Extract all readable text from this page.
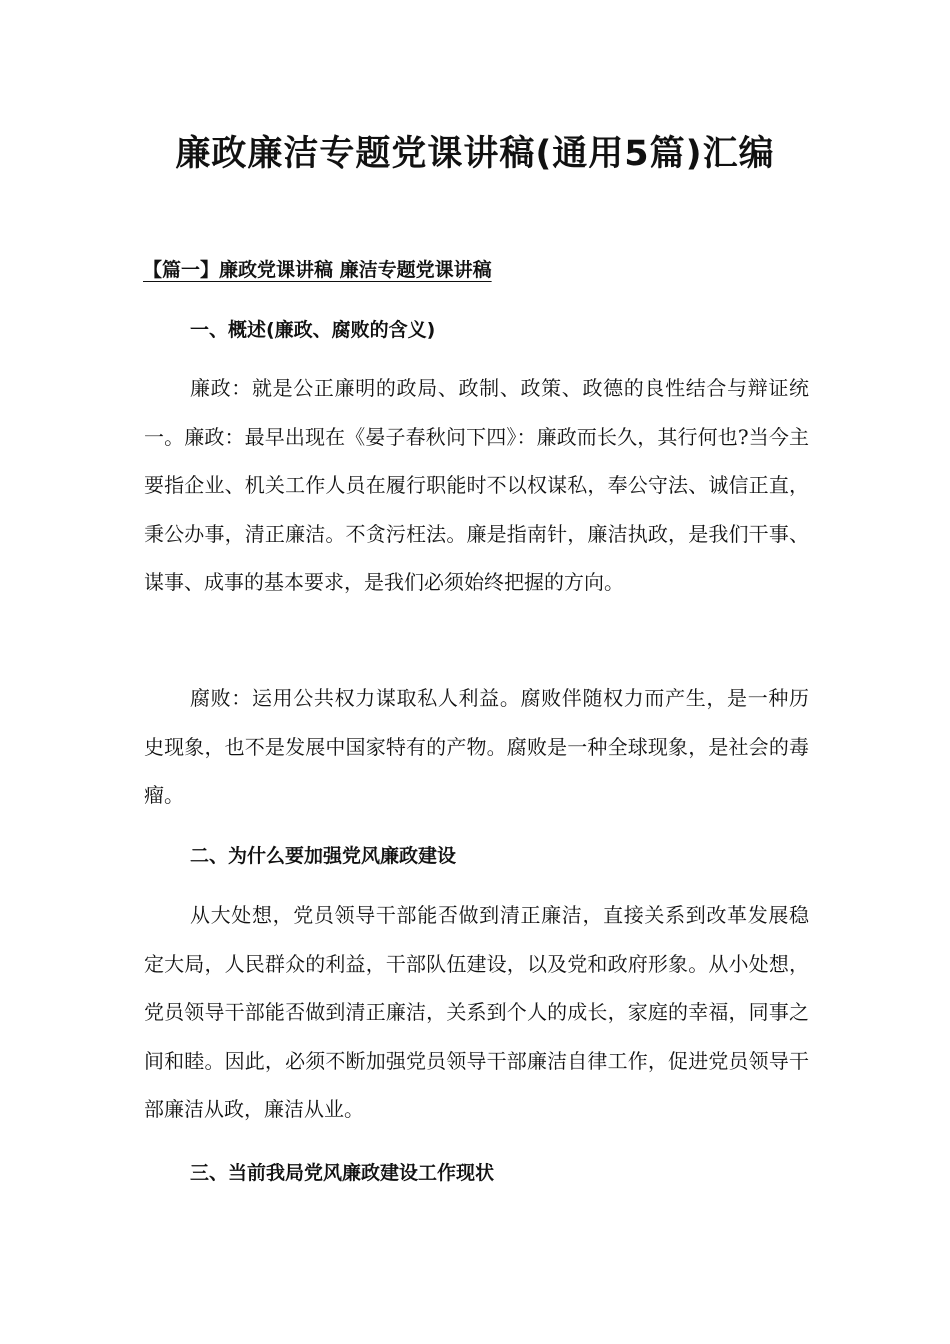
廉政廉洁专题党课讲稿(通用5篇)汇编

【篇一】廉政党课讲稿 廉洁专题党课讲稿

一、概述(廉政、腐败的含义)

廉政：就是公正廉明的政局、政制、政策、政德的良性结合与辩证统一。廉政：最早出现在《晏子春秋问下四》：廉政而长久，其行何也?当今主要指企业、机关工作人员在履行职能时不以权谋私，奉公守法、诚信正直，秉公办事，清正廉洁。不贪污枉法。廉是指南针，廉洁执政，是我们干事、谋事、成事的基本要求，是我们必须始终把握的方向。

腐败：运用公共权力谋取私人利益。腐败伴随权力而产生，是一种历史现象，也不是发展中国家特有的产物。腐败是一种全球现象，是社会的毒瘤。

二、为什么要加强党风廉政建设

从大处想，党员领导干部能否做到清正廉洁，直接关系到改革发展稳定大局，人民群众的利益，干部队伍建设，以及党和政府形象。从小处想，党员领导干部能否做到清正廉洁，关系到个人的成长，家庭的幸福，同事之间和睦。因此，必须不断加强党员领导干部廉洁自律工作，促进党员领导干部廉洁从政，廉洁从业。

三、当前我局党风廉政建设工作现状
